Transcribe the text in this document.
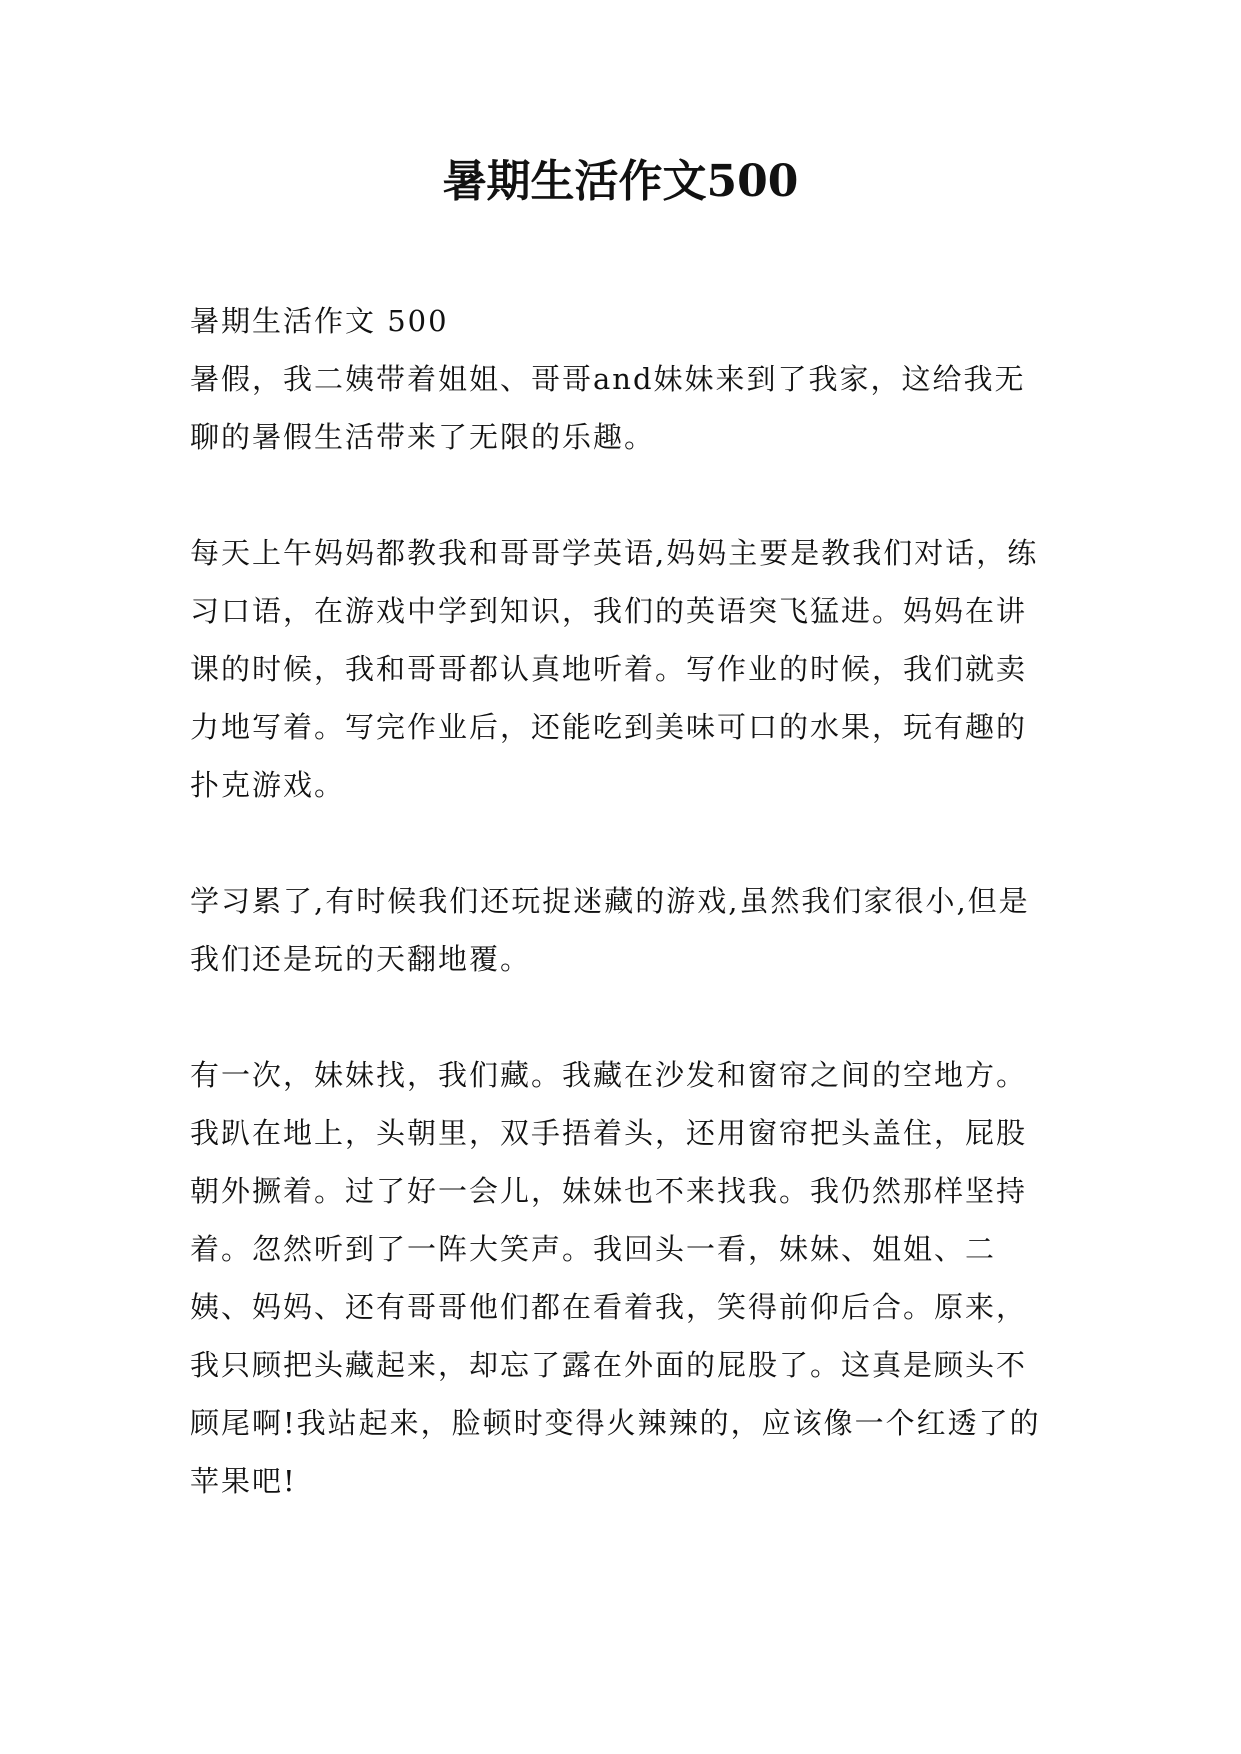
暑期生活作文500

暑期生活作文 500

暑假，我二姨带着姐姐、哥哥and妹妹来到了我家，这给我无聊的暑假生活带来了无限的乐趣。

每天上午妈妈都教我和哥哥学英语,妈妈主要是教我们对话，练习口语，在游戏中学到知识，我们的英语突飞猛进。妈妈在讲课的时候，我和哥哥都认真地听着。写作业的时候，我们就卖力地写着。写完作业后，还能吃到美味可口的水果，玩有趣的扑克游戏。

学习累了,有时候我们还玩捉迷藏的游戏,虽然我们家很小,但是我们还是玩的天翻地覆。

有一次，妹妹找，我们藏。我藏在沙发和窗帘之间的空地方。我趴在地上，头朝里，双手捂着头，还用窗帘把头盖住，屁股朝外撅着。过了好一会儿，妹妹也不来找我。我仍然那样坚持着。忽然听到了一阵大笑声。我回头一看，妹妹、姐姐、二姨、妈妈、还有哥哥他们都在看着我，笑得前仰后合。原来，我只顾把头藏起来，却忘了露在外面的屁股了。这真是顾头不顾尾啊!我站起来，脸顿时变得火辣辣的，应该像一个红透了的苹果吧!
